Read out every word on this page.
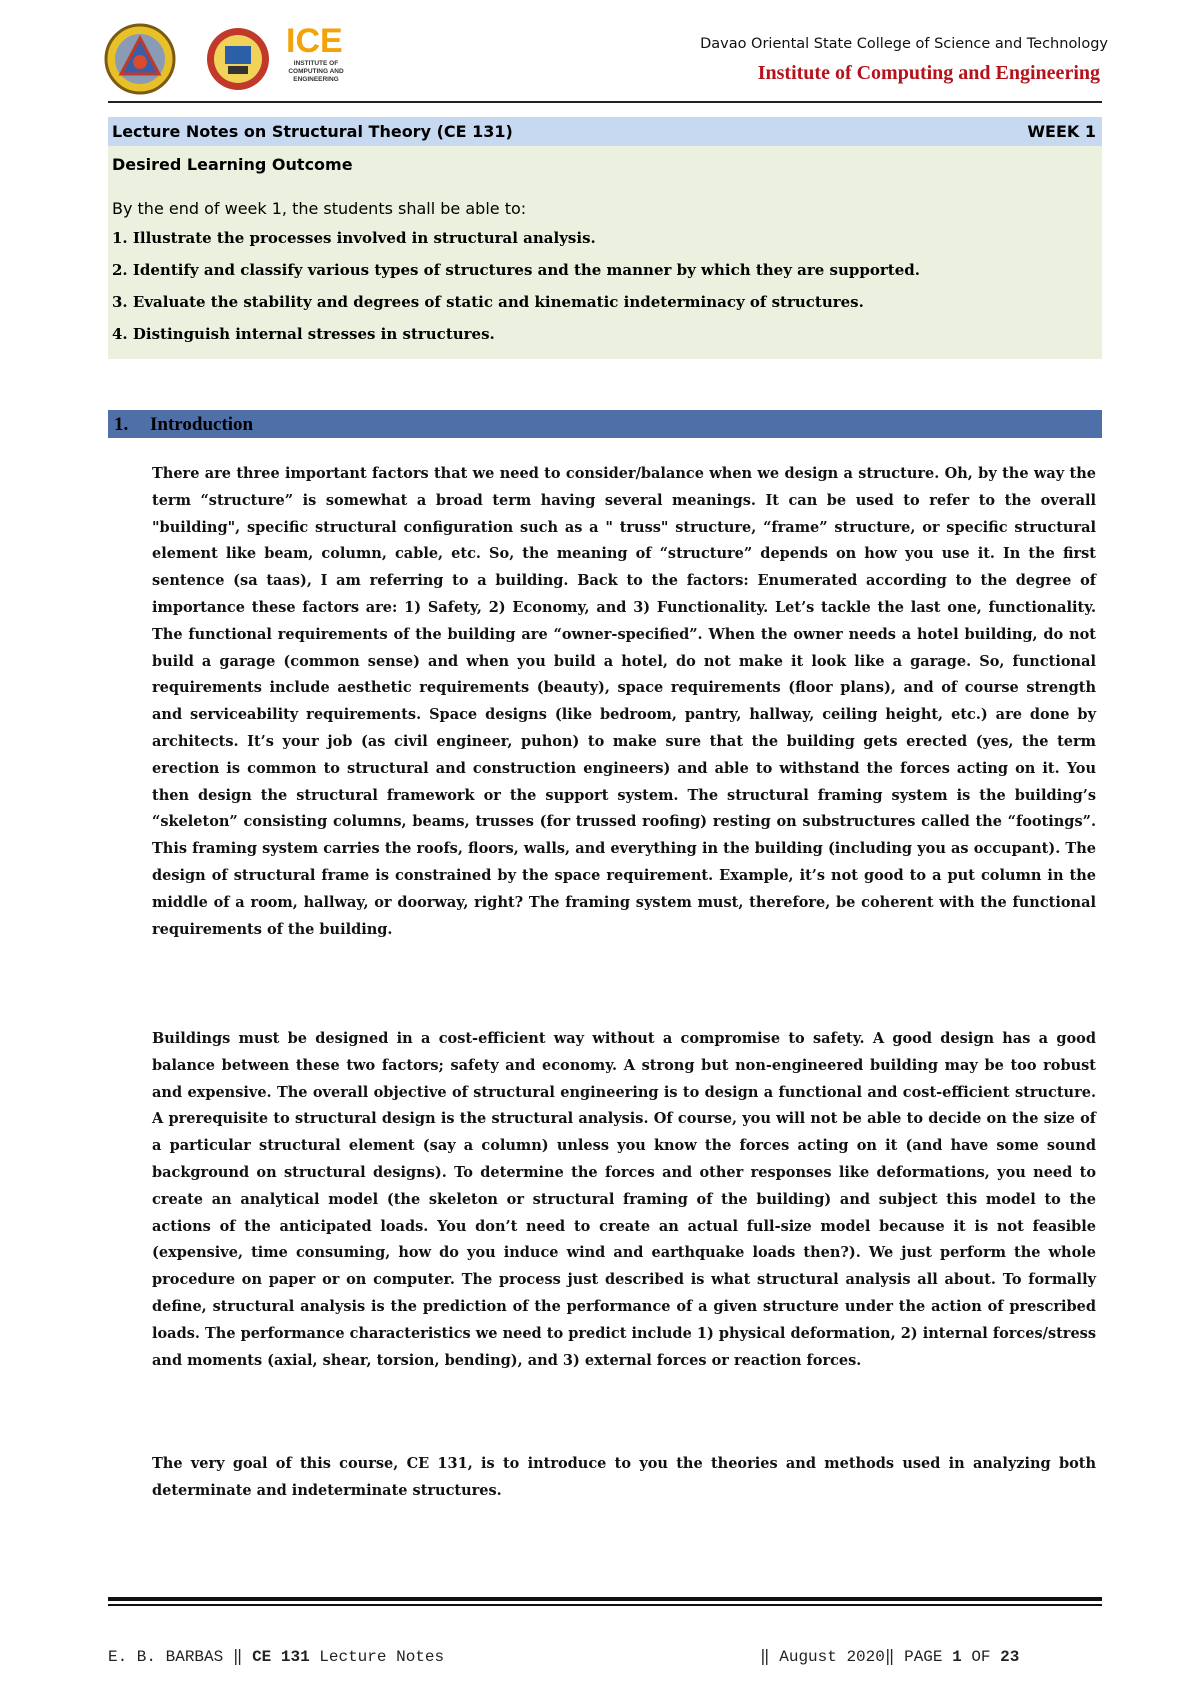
ICE
INSTITUTE OF COMPUTING AND ENGINEERING
Davao Oriental State College of Science and Technology
Institute of Computing and Engineering
Lecture Notes on Structural Theory (CE 131)	WEEK 1
Desired Learning Outcome
By the end of week 1, the students shall be able to:
1. Illustrate the processes involved in structural analysis.
2. Identify and classify various types of structures and the manner by which they are supported.
3. Evaluate the stability and degrees of static and kinematic indeterminacy of structures.
4. Distinguish internal stresses in structures.
1. Introduction

There are three important factors that we need to consider/balance when we design a structure. Oh, by the way the term “structure” is somewhat a broad term having several meanings. It can be used to refer to the overall "building", specific structural configuration such as a " truss" structure, “frame” structure, or specific structural element like beam, column, cable, etc. So, the meaning of “structure” depends on how you use it. In the first sentence (sa taas), I am referring to a building. Back to the factors: Enumerated according to the degree of importance these factors are: 1) Safety, 2) Economy, and 3) Functionality. Let’s tackle the last one, functionality. The functional requirements of the building are “owner-specified”. When the owner needs a hotel building, do not build a garage (common sense) and when you build a hotel, do not make it look like a garage. So, functional requirements include aesthetic requirements (beauty), space requirements (floor plans), and of course strength and serviceability requirements. Space designs (like bedroom, pantry, hallway, ceiling height, etc.) are done by architects. It’s your job (as civil engineer, puhon) to make sure that the building gets erected (yes, the term erection is common to structural and construction engineers) and able to withstand the forces acting on it. You then design the structural framework or the support system. The structural framing system is the building’s “skeleton” consisting columns, beams, trusses (for trussed roofing) resting on substructures called the “footings”. This framing system carries the roofs, floors, walls, and everything in the building (including you as occupant). The design of structural frame is constrained by the space requirement. Example, it’s not good to a put column in the middle of a room, hallway, or doorway, right? The framing system must, therefore, be coherent with the functional requirements of the building.

Buildings must be designed in a cost-efficient way without a compromise to safety. A good design has a good balance between these two factors; safety and economy. A strong but non-engineered building may be too robust and expensive. The overall objective of structural engineering is to design a functional and cost-efficient structure. A prerequisite to structural design is the structural analysis. Of course, you will not be able to decide on the size of a particular structural element (say a column) unless you know the forces acting on it (and have some sound background on structural designs). To determine the forces and other responses like deformations, you need to create an analytical model (the skeleton or structural framing of the building) and subject this model to the actions of the anticipated loads. You don’t need to create an actual full-size model because it is not feasible (expensive, time consuming, how do you induce wind and earthquake loads then?). We just perform the whole procedure on paper or on computer. The process just described is what structural analysis all about. To formally define, structural analysis is the prediction of the performance of a given structure under the action of prescribed loads. The performance characteristics we need to predict include 1) physical deformation, 2) internal forces/stress and moments (axial, shear, torsion, bending), and 3) external forces or reaction forces.

The very goal of this course, CE 131, is to introduce to you the theories and methods used in analyzing both determinate and indeterminate structures.

E. B. BARBAS ‖ CE 131 Lecture Notes	‖ August 2020‖ PAGE 1 OF 23
